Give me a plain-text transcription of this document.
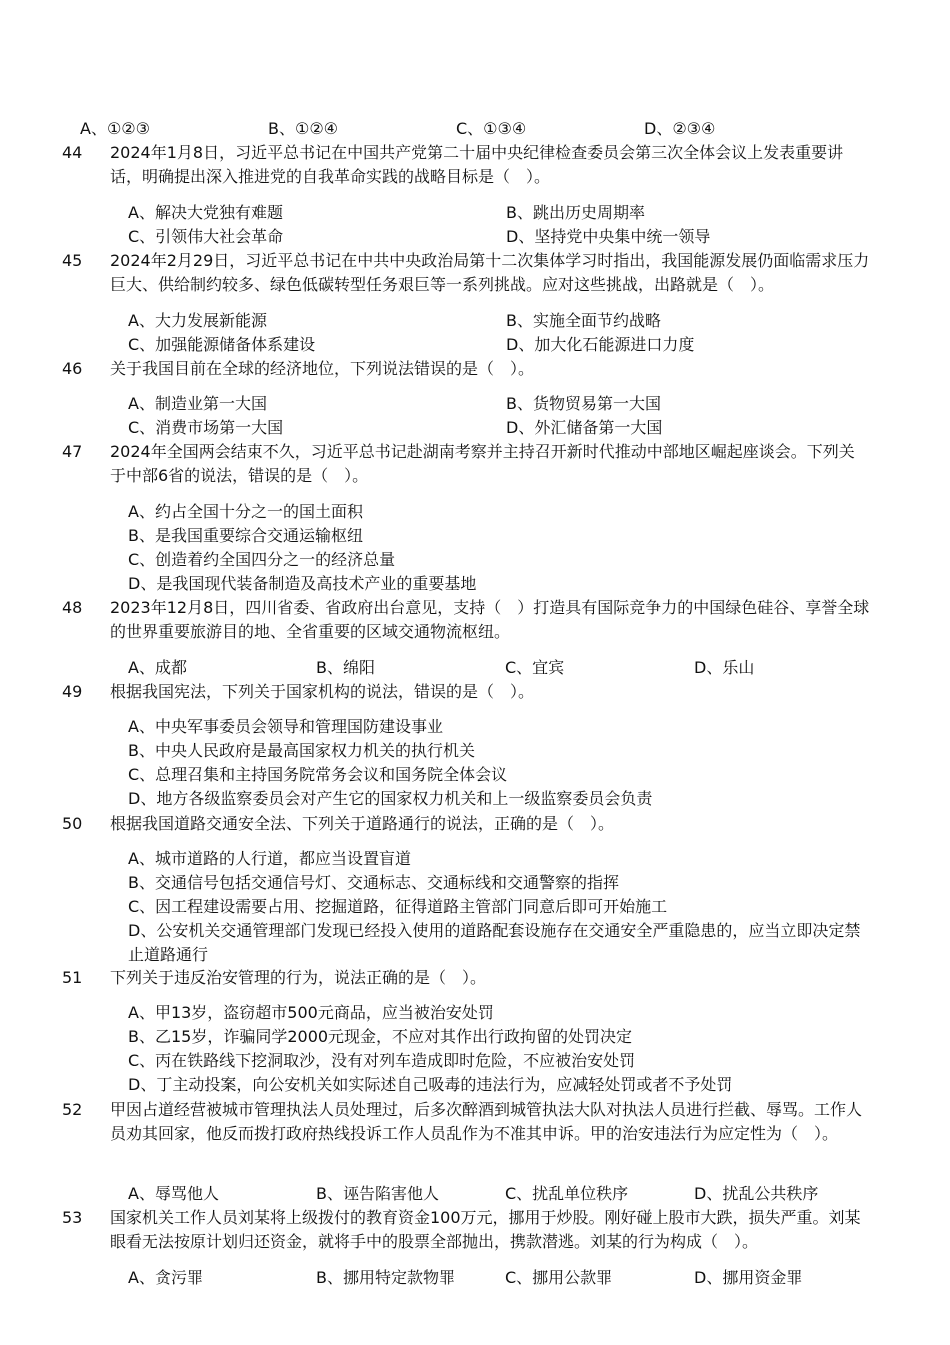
A、①②③	B、①②④	C、①③④	D、②③④
44 2024年1月8日，习近平总书记在中国共产党第二十届中央纪律检查委员会第三次全体会议上发表重要讲话，明确提出深入推进党的自我革命实践的战略目标是（　）。
A、解决大党独有难题	B、跳出历史周期率
C、引领伟大社会革命	D、坚持党中央集中统一领导
45 2024年2月29日，习近平总书记在中共中央政治局第十二次集体学习时指出，我国能源发展仍面临需求压力巨大、供给制约较多、绿色低碳转型任务艰巨等一系列挑战。应对这些挑战，出路就是（　）。
A、大力发展新能源	B、实施全面节约战略
C、加强能源储备体系建设	D、加大化石能源进口力度
46 关于我国目前在全球的经济地位，下列说法错误的是（　）。
A、制造业第一大国	B、货物贸易第一大国
C、消费市场第一大国	D、外汇储备第一大国
47 2024年全国两会结束不久，习近平总书记赴湖南考察并主持召开新时代推动中部地区崛起座谈会。下列关于中部6省的说法，错误的是（　）。
A、约占全国十分之一的国土面积
B、是我国重要综合交通运输枢纽
C、创造着约全国四分之一的经济总量
D、是我国现代装备制造及高技术产业的重要基地
48 2023年12月8日，四川省委、省政府出台意见，支持（　）打造具有国际竞争力的中国绿色硅谷、享誉全球的世界重要旅游目的地、全省重要的区域交通物流枢纽。
A、成都	B、绵阳	C、宜宾	D、乐山
49 根据我国宪法，下列关于国家机构的说法，错误的是（　）。
A、中央军事委员会领导和管理国防建设事业
B、中央人民政府是最高国家权力机关的执行机关
C、总理召集和主持国务院常务会议和国务院全体会议
D、地方各级监察委员会对产生它的国家权力机关和上一级监察委员会负责
50 根据我国道路交通安全法、下列关于道路通行的说法，正确的是（　）。
A、城市道路的人行道，都应当设置盲道
B、交通信号包括交通信号灯、交通标志、交通标线和交通警察的指挥
C、因工程建设需要占用、挖掘道路，征得道路主管部门同意后即可开始施工
D、公安机关交通管理部门发现已经投入使用的道路配套设施存在交通安全严重隐患的，应当立即决定禁止道路通行
51 下列关于违反治安管理的行为，说法正确的是（　）。
A、甲13岁，盗窃超市500元商品，应当被治安处罚
B、乙15岁，诈骗同学2000元现金，不应对其作出行政拘留的处罚决定
C、丙在铁路线下挖洞取沙，没有对列车造成即时危险，不应被治安处罚
D、丁主动投案，向公安机关如实际述自己吸毒的违法行为，应减轻处罚或者不予处罚
52 甲因占道经营被城市管理执法人员处理过，后多次醉酒到城管执法大队对执法人员进行拦截、辱骂。工作人员劝其回家，他反而拨打政府热线投诉工作人员乱作为不准其申诉。甲的治安违法行为应定性为（　）。
A、辱骂他人	B、诬告陷害他人	C、扰乱单位秩序	D、扰乱公共秩序
53 国家机关工作人员刘某将上级拨付的教育资金100万元，挪用于炒股。刚好碰上股市大跌，损失严重。刘某眼看无法按原计划归还资金，就将手中的股票全部抛出，携款潜逃。刘某的行为构成（　）。
A、贪污罪	B、挪用特定款物罪	C、挪用公款罪	D、挪用资金罪
